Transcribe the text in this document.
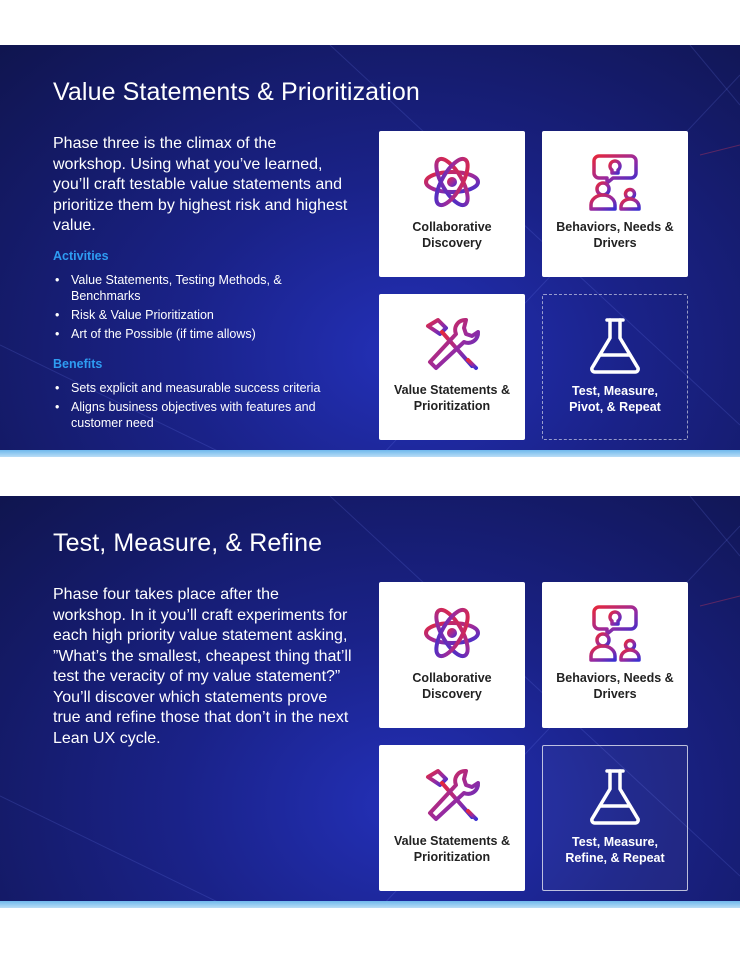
Value Statements & Prioritization

Phase three is the climax of the workshop. Using what you’ve learned, you’ll craft testable value statements and prioritize them by highest risk and highest value.

Activities
• Value Statements, Testing Methods, & Benchmarks
• Risk & Value Prioritization
• Art of the Possible (if time allows)
Benefits
• Sets explicit and measurable success criteria
• Aligns business objectives with features and customer need
Collaborative Discovery
Behaviors, Needs & Drivers
Value Statements & Prioritization
Test, Measure, Pivot, & Repeat
Test, Measure, & Refine

Phase four takes place after the workshop. In it you’ll craft experiments for each high priority value statement asking, ”What’s the smallest, cheapest thing that’ll test the veracity of my value statement?” You’ll discover which statements prove true and refine those that don’t in the next Lean UX cycle.

Collaborative Discovery
Behaviors, Needs & Drivers
Value Statements & Prioritization
Test, Measure, Refine, & Repeat
